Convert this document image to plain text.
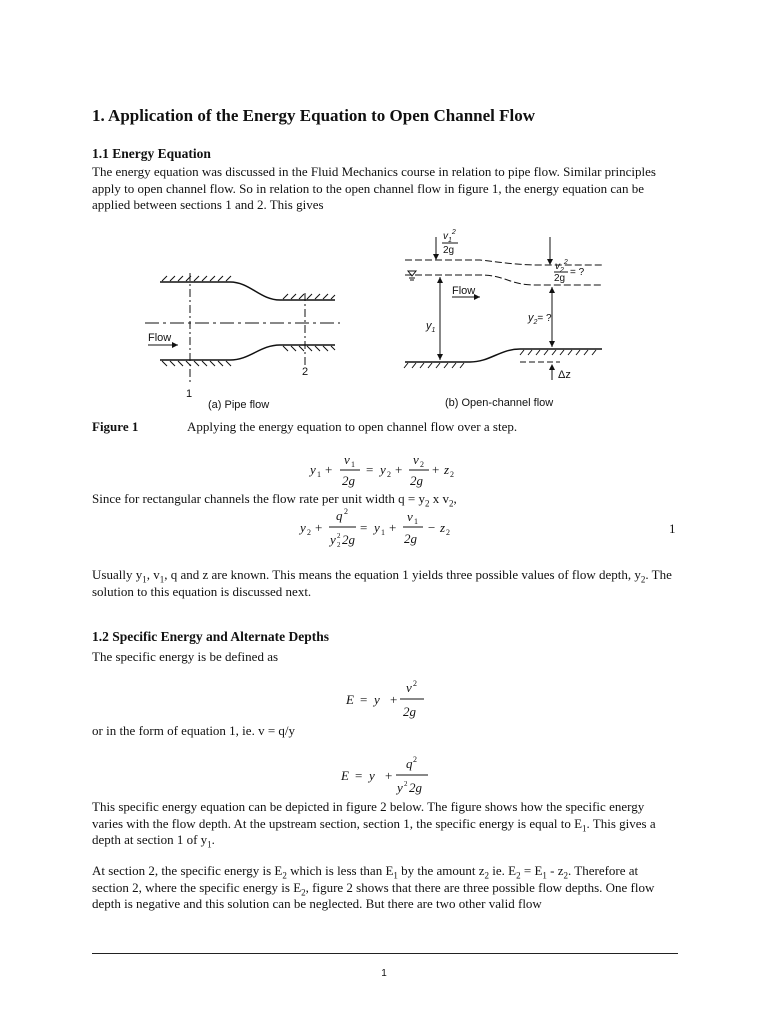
1. Application of the Energy Equation to Open Channel Flow
1.1 Energy Equation
The energy equation was discussed in the Fluid Mechanics course in relation to pipe flow. Similar principles apply to open channel flow. So in relation to the open channel flow in figure 1, the energy equation can be applied between sections 1 and 2. This gives
Flow
1
2
(a) Pipe flow
Flow
$v_1^2$
2g
$v_2^2$
2g
= ?
$y_1$
$y_2=$ ?
Δz
(b) Open-channel flow
Figure 1	Applying the energy equation to open channel flow over a step.
y 1 +
v 1
2g
= y 2 +
v 2
2g
+ z 2
Since for rectangular channels the flow rate per unit width $q = y_2$ x $v_2$,
y 2 +
q 2
y 2
2 2g
= y 1 +
v 1
2g
− z 2	1
Usually $y_1$, $v_1$, q and z are known. This means the equation 1 yields three possible values of flow depth, $y_2$. The solution to this equation is discussed next.
1.2 Specific Energy and Alternate Depths
The specific energy is be defined as
E = y +
v 2
2g
or in the form of equation 1, ie. v = q/y
E = y +
q 2
y 2 2g
This specific energy equation can be depicted in figure 2 below. The figure shows how the specific energy varies with the flow depth. At the upstream section, section 1, the specific energy is equal to $E_1$. This gives a depth at section 1 of $y_1$.
At section 2, the specific energy is $E_2$ which is less than $E_1$ by the amount $z_2$ ie. $E_2 = E_1 - z_2$. Therefore at section 2, where the specific energy is $E_2$, figure 2 shows that there are three possible flow depths. One flow depth is negative and this solution can be neglected. But there are two other valid flow
1
